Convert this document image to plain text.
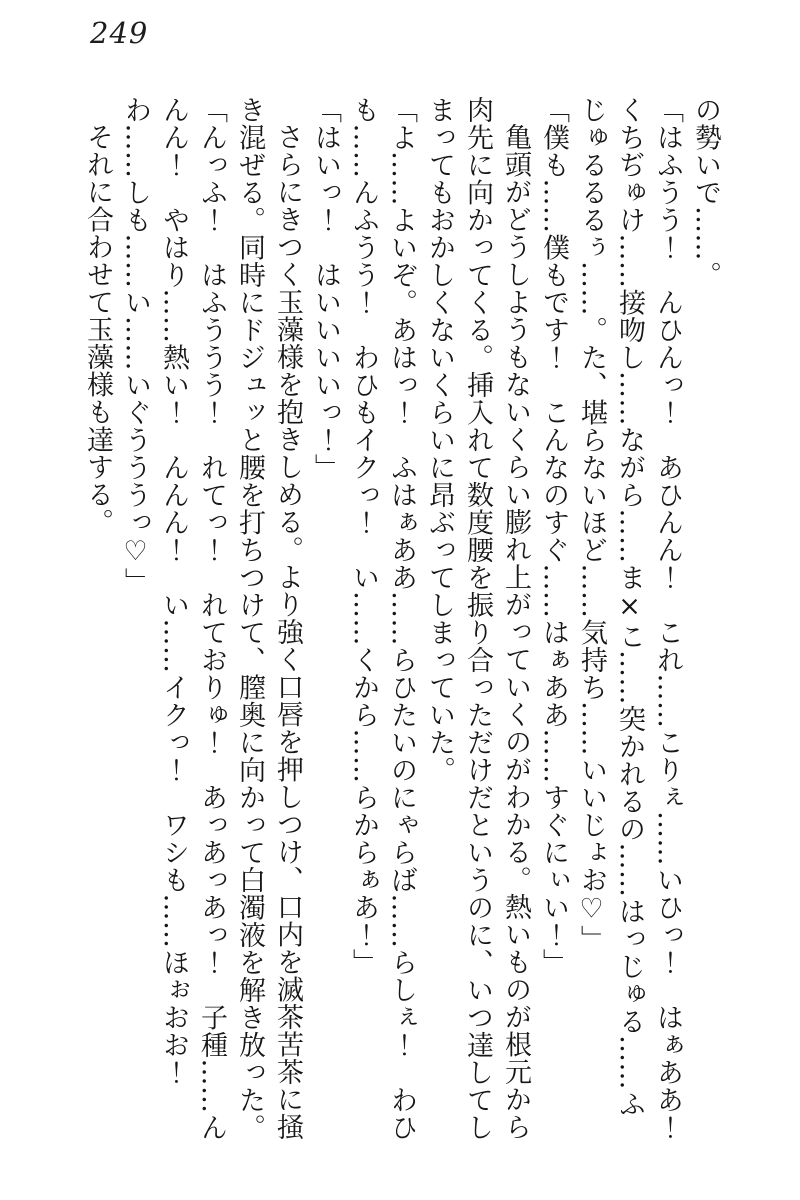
249

の勢いで……。

「はふうう！　んひんっ！　あひんん！　これ……こりぇ……いひっ！　はぁああ！くちぢゅけ……接吻し……ながら……ま×こ……突かれるの……はっじゅる……ふじゅるるるぅ……。た、堪らないほど……気持ち……いいじょお♡」

「僕も……僕もです！　こんなのすぐ……はぁああ……すぐにぃい！」

亀頭がどうしようもないくらい膨れ上がっていくのがわかる。熱いものが根元から肉先に向かってくる。挿入れて数度腰を振り合っただけだというのに、いつ達してしまってもおかしくないくらいに昂ぶってしまっていた。

「よ……よいぞ。あはっ！　ふはぁああ……らひたいのにゃらば……らしぇ！　わひも……んふうう！　わひもイクっ！　い……くから……らからぁあ！」

「はいっ！　はいいいいっ！」

さらにきつく玉藻様を抱きしめる。より強く口唇を押しつけ、口内を滅茶苦茶に掻き混ぜる。同時にドジュッと腰を打ちつけて、膣奥に向かって白濁液を解き放った。

「んっふ！　はふううう！　れてっ！　れておりゅ！　あっあっあっ！　子種……んんん！　やはり……熱い！　んんん！　い……イクっ！　ワシも……ほぉおお！　わ……しも……い……いぐうううっ♡」

それに合わせて玉藻様も達する。
